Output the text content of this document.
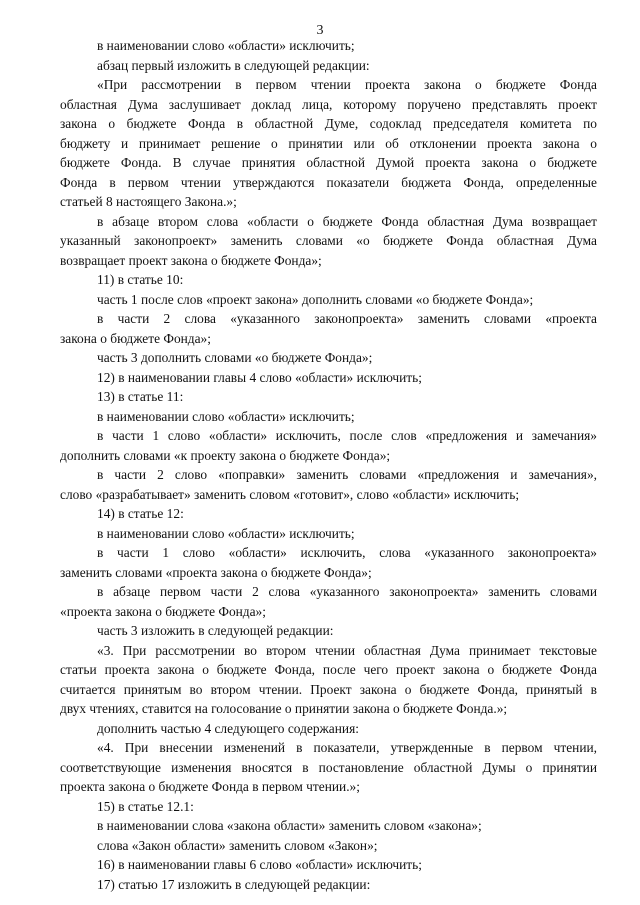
3
в наименовании слово «области» исключить;
абзац первый изложить в следующей редакции:
«При рассмотрении в первом чтении проекта закона о бюджете Фонда
областная Дума заслушивает доклад лица, которому поручено представлять проект
закона о бюджете Фонда в областной Думе, содоклад председателя комитета по
бюджету и принимает решение о принятии или об отклонении проекта закона о
бюджете Фонда. В случае принятия областной Думой проекта закона о бюджете
Фонда в первом чтении утверждаются показатели бюджета Фонда, определенные
статьей 8 настоящего Закона.»;
в абзаце втором слова «области о бюджете Фонда областная Дума возвращает
указанный законопроект» заменить словами «о бюджете Фонда областная Дума
возвращает проект закона о бюджете Фонда»;
11) в статье 10:
часть 1 после слов «проект закона» дополнить словами «о бюджете Фонда»;
в части 2 слова «указанного законопроекта» заменить словами «проекта
закона о бюджете Фонда»;
часть 3 дополнить словами «о бюджете Фонда»;
12) в наименовании главы 4 слово «области» исключить;
13) в статье 11:
в наименовании слово «области» исключить;
в части 1 слово «области» исключить, после слов «предложения и замечания»
дополнить словами «к проекту закона о бюджете Фонда»;
в части 2 слово «поправки» заменить словами «предложения и замечания»,
слово «разрабатывает» заменить словом «готовит», слово «области» исключить;
14) в статье 12:
в наименовании слово «области» исключить;
в части 1 слово «области» исключить, слова «указанного законопроекта»
заменить словами «проекта закона о бюджете Фонда»;
в абзаце первом части 2 слова «указанного законопроекта» заменить словами
«проекта закона о бюджете Фонда»;
часть 3 изложить в следующей редакции:
«3. При рассмотрении во втором чтении областная Дума принимает текстовые
статьи проекта закона о бюджете Фонда, после чего проект закона о бюджете Фонда
считается принятым во втором чтении. Проект закона о бюджете Фонда, принятый в
двух чтениях, ставится на голосование о принятии закона о бюджете Фонда.»;
дополнить частью 4 следующего содержания:
«4. При внесении изменений в показатели, утвержденные в первом чтении,
соответствующие изменения вносятся в постановление областной Думы о принятии
проекта закона о бюджете Фонда в первом чтении.»;
15) в статье 12.1:
в наименовании слова «закона области» заменить словом «закона»;
слова «Закон области» заменить словом «Закон»;
16) в наименовании главы 6 слово «области» исключить;
17) статью 17 изложить в следующей редакции:
